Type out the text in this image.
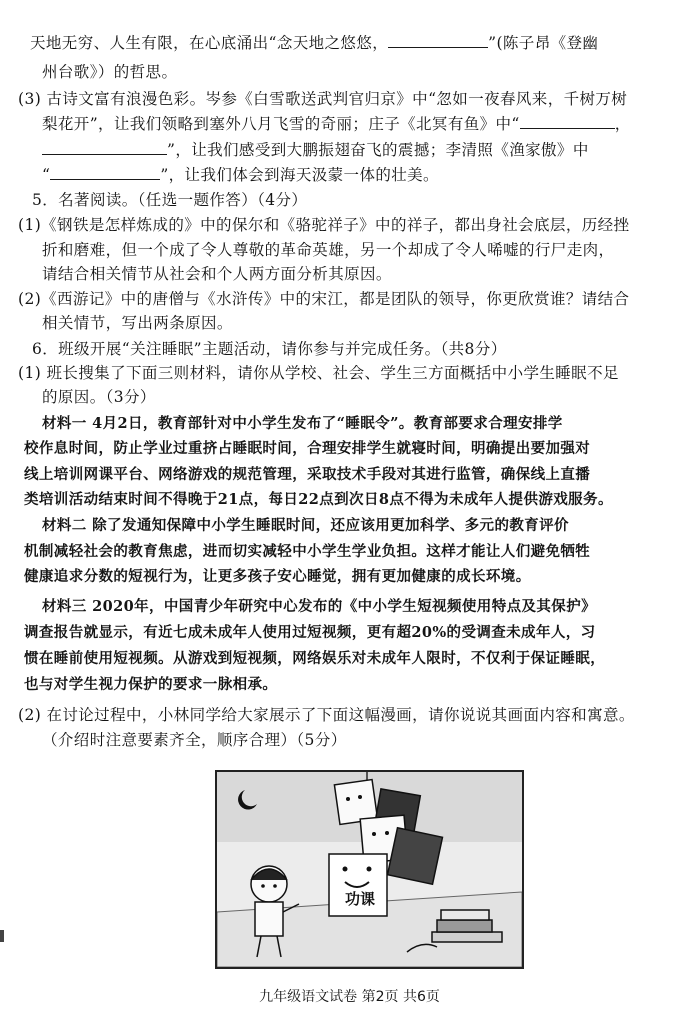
天地无穷、人生有限，在心底涌出“念天地之悠悠，	”(陈子昂《登幽
州台歌》）的哲思。
(3) 古诗文富有浪漫色彩。岑参《白雪歌送武判官归京》中“忽如一夜春风来，千树万树
梨花开”，让我们领略到塞外八月飞雪的奇丽；庄子《北冥有鱼》中“	，
”，让我们感受到大鹏振翅奋飞的震撼；李清照《渔家傲》中
“	”，让我们体会到海天汲蒙一体的壮美。
5．名著阅读。（任选一题作答）（4分）
(1)《钢铁是怎样炼成的》中的保尔和《骆驼祥子》中的祥子，都出身社会底层，历经挫
折和磨难，但一个成了令人尊敬的革命英雄，另一个却成了令人唏嘘的行尸走肉，
请结合相关情节从社会和个人两方面分析其原因。
(2)《西游记》中的唐僧与《水浒传》中的宋江，都是团队的领导，你更欣赏谁？请结合
相关情节，写出两条原因。
6．班级开展“关注睡眠”主题活动，请你参与并完成任务。（共8分）
(1) 班长搜集了下面三则材料，请你从学校、社会、学生三方面概括中小学生睡眠不足
的原因。（3分）
材料一 4月2日，教育部针对中小学生发布了“睡眠令”。教育部要求合理安排学
校作息时间，防止学业过重挤占睡眠时间，合理安排学生就寝时间，明确提出要加强对
线上培训网课平台、网络游戏的规范管理，采取技术手段对其进行监管，确保线上直播
类培训活动结束时间不得晚于21点，每日22点到次日8点不得为未成年人提供游戏服务。
材料二 除了发通知保障中小学生睡眠时间，还应该用更加科学、多元的教育评价
机制减轻社会的教育焦虑，进而切实减轻中小学生学业负担。这样才能让人们避免牺牲
健康追求分数的短视行为，让更多孩子安心睡觉，拥有更加健康的成长环境。
材料三 2020年，中国青少年研究中心发布的《中小学生短视频使用特点及其保护》
调查报告就显示，有近七成未成年人使用过短视频，更有超20%的受调查未成年人，习
惯在睡前使用短视频。从游戏到短视频，网络娱乐对未成年人限时，不仅利于保证睡眠，
也与对学生视力保护的要求一脉相承。
(2) 在讨论过程中，小林同学给大家展示了下面这幅漫画，请你说说其画面内容和寓意。
（介绍时注意要素齐全，顺序合理）（5分）
功课
九年级语文试卷 第2页 共6页
